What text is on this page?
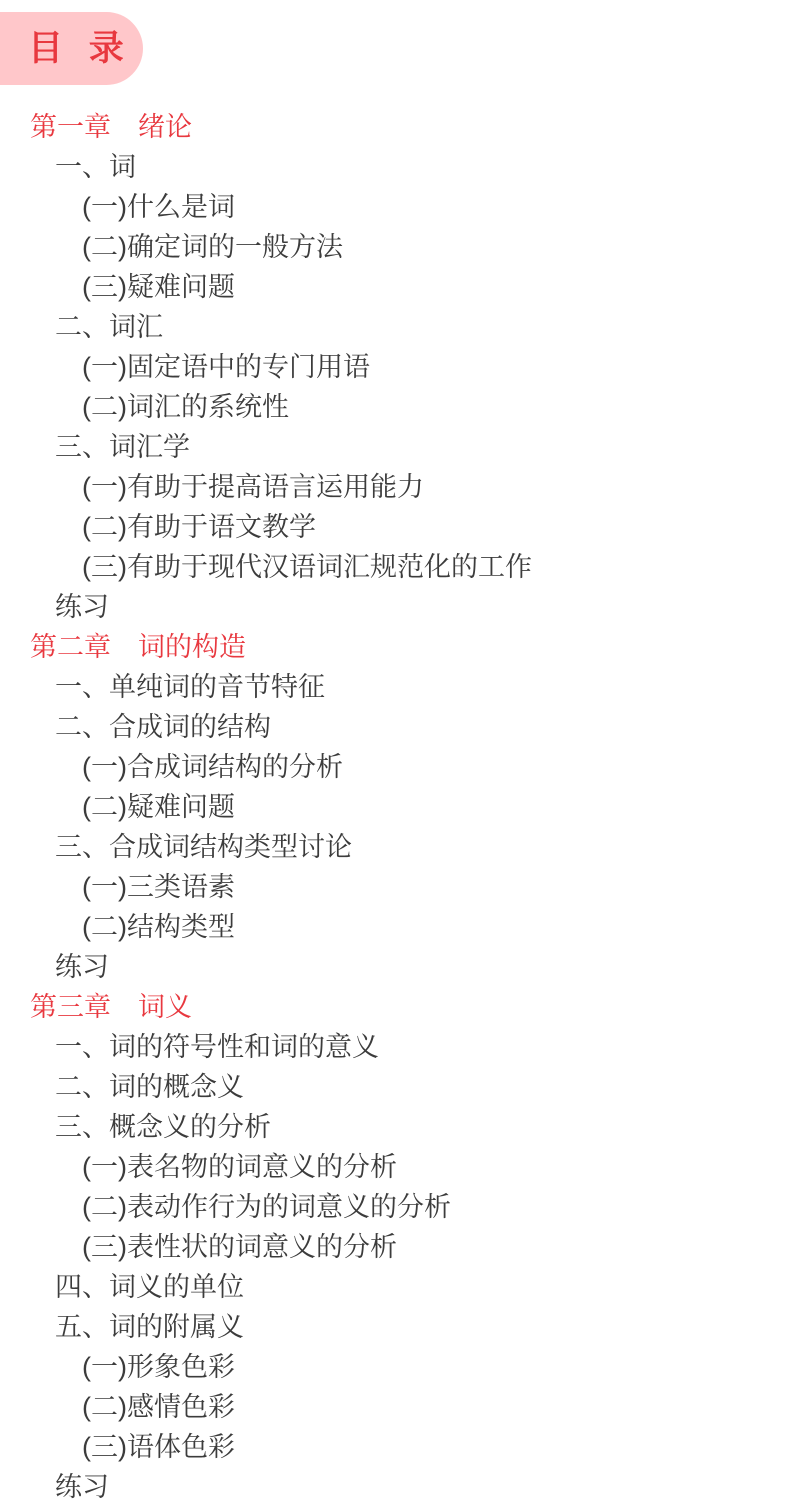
目 录
第一章　绪论
一、词
(一)什么是词
(二)确定词的一般方法
(三)疑难问题
二、词汇
(一)固定语中的专门用语
(二)词汇的系统性
三、词汇学
(一)有助于提高语言运用能力
(二)有助于语文教学
(三)有助于现代汉语词汇规范化的工作
练习
第二章　词的构造
一、单纯词的音节特征
二、合成词的结构
(一)合成词结构的分析
(二)疑难问题
三、合成词结构类型讨论
(一)三类语素
(二)结构类型
练习
第三章　词义
一、词的符号性和词的意义
二、词的概念义
三、概念义的分析
(一)表名物的词意义的分析
(二)表动作行为的词意义的分析
(三)表性状的词意义的分析
四、词义的单位
五、词的附属义
(一)形象色彩
(二)感情色彩
(三)语体色彩
练习
